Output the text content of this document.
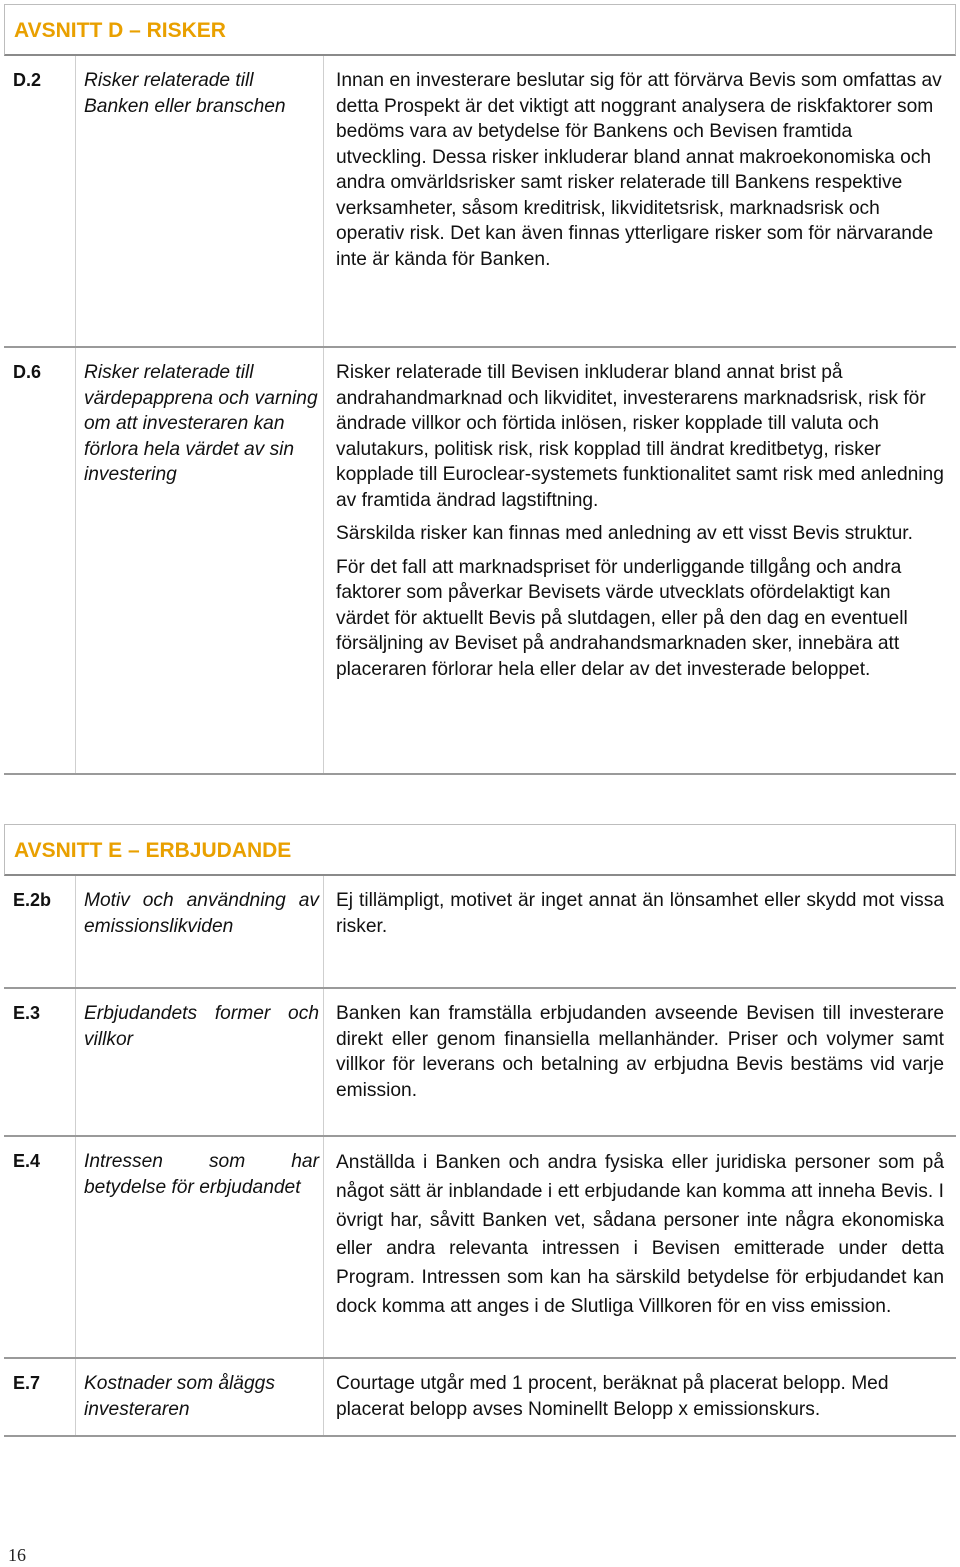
AVSNITT D – RISKER
D.2	Risker relaterade till Banken eller branschen	Innan en investerare beslutar sig för att förvärva Bevis som omfattas av detta Prospekt är det viktigt att noggrant analysera de riskfaktorer som bedöms vara av betydelse för Bankens och Bevisen framtida utveckling. Dessa risker inkluderar bland annat makroekonomiska och andra omvärldsrisker samt risker relaterade till Bankens respektive verksamheter, såsom kreditrisk, likviditetsrisk, marknadsrisk och operativ risk. Det kan även finnas ytterligare risker som för närvarande inte är kända för Banken.

D.6	Risker relaterade till värdepapprena och varning om att investeraren kan förlora hela värdet av sin investering	Risker relaterade till Bevisen inkluderar bland annat brist på andrahandmarknad och likviditet, investerarens marknadsrisk, risk för ändrade villkor och förtida inlösen, risker kopplade till valuta och valutakurs, politisk risk, risk kopplad till ändrat kreditbetyg, risker kopplade till Euroclear-systemets funktionalitet samt risk med anledning av framtida ändrad lagstiftning.

Särskilda risker kan finnas med anledning av ett visst Bevis struktur.

För det fall att marknadspriset för underliggande tillgång och andra faktorer som påverkar Bevisets värde utvecklats ofördelaktigt kan värdet för aktuellt Bevis på slutdagen, eller på den dag en eventuell försäljning av Beviset på andrahandsmarknaden sker, innebära att placeraren förlorar hela eller delar av det investerade beloppet.

AVSNITT E – ERBJUDANDE
E.2b	Motiv och användning av emissionslikviden	Ej tillämpligt, motivet är inget annat än lönsamhet eller skydd mot vissa risker.

E.3	Erbjudandets former och villkor	Banken kan framställa erbjudanden avseende Bevisen till investerare direkt eller genom finansiella mellanhänder. Priser och volymer samt villkor för leverans och betalning av erbjudna Bevis bestäms vid varje emission.

E.4	Intressen som har betydelse för erbjudandet	Anställda i Banken och andra fysiska eller juridiska personer som på något sätt är inblandade i ett erbjudande kan komma att inneha Bevis. I övrigt har, såvitt Banken vet, sådana personer inte några ekonomiska eller andra relevanta intressen i Bevisen emitterade under detta Program. Intressen som kan ha särskild betydelse för erbjudandet kan dock komma att anges i de Slutliga Villkoren för en viss emission.

E.7	Kostnader som åläggs investeraren	Courtage utgår med 1 procent, beräknat på placerat belopp. Med placerat belopp avses Nominellt Belopp x emissionskurs.

16
